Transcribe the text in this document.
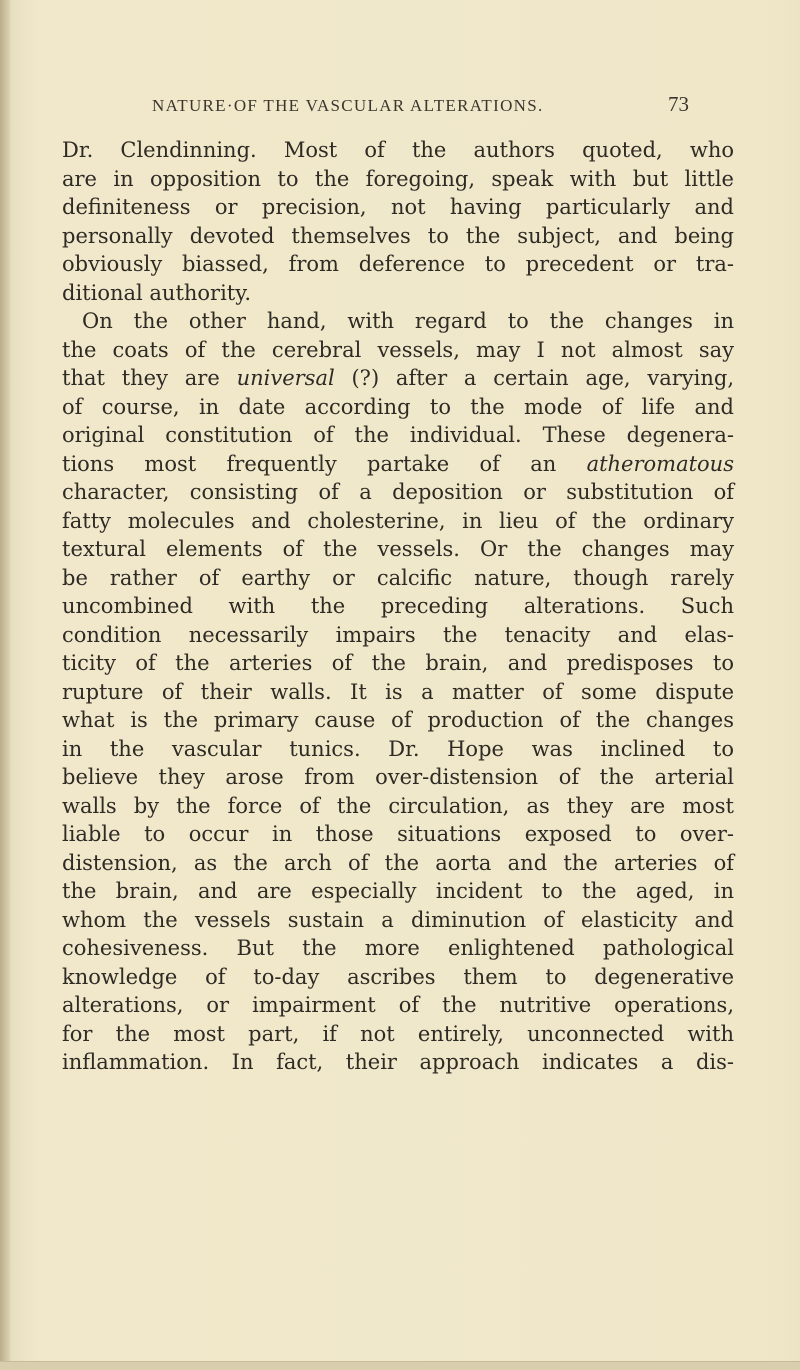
NATURE·OF THE VASCULAR ALTERATIONS.	73
Dr. Clendinning. Most of the authors quoted, who
are in opposition to the foregoing, speak with but little
definiteness or precision, not having particularly and
personally devoted themselves to the subject, and being
obviously biassed, from deference to precedent or tra-
ditional authority.
On the other hand, with regard to the changes in
the coats of the cerebral vessels, may I not almost say
that they are universal (?) after a certain age, varying,
of course, in date according to the mode of life and
original constitution of the individual. These degenera-
tions most frequently partake of an atheromatous
character, consisting of a deposition or substitution of
fatty molecules and cholesterine, in lieu of the ordinary
textural elements of the vessels. Or the changes may
be rather of earthy or calcific nature, though rarely
uncombined with the preceding alterations. Such
condition necessarily impairs the tenacity and elas-
ticity of the arteries of the brain, and predisposes to
rupture of their walls. It is a matter of some dispute
what is the primary cause of production of the changes
in the vascular tunics. Dr. Hope was inclined to
believe they arose from over-distension of the arterial
walls by the force of the circulation, as they are most
liable to occur in those situations exposed to over-
distension, as the arch of the aorta and the arteries of
the brain, and are especially incident to the aged, in
whom the vessels sustain a diminution of elasticity and
cohesiveness. But the more enlightened pathological
knowledge of to-day ascribes them to degenerative
alterations, or impairment of the nutritive operations,
for the most part, if not entirely, unconnected with
inflammation. In fact, their approach indicates a dis-
